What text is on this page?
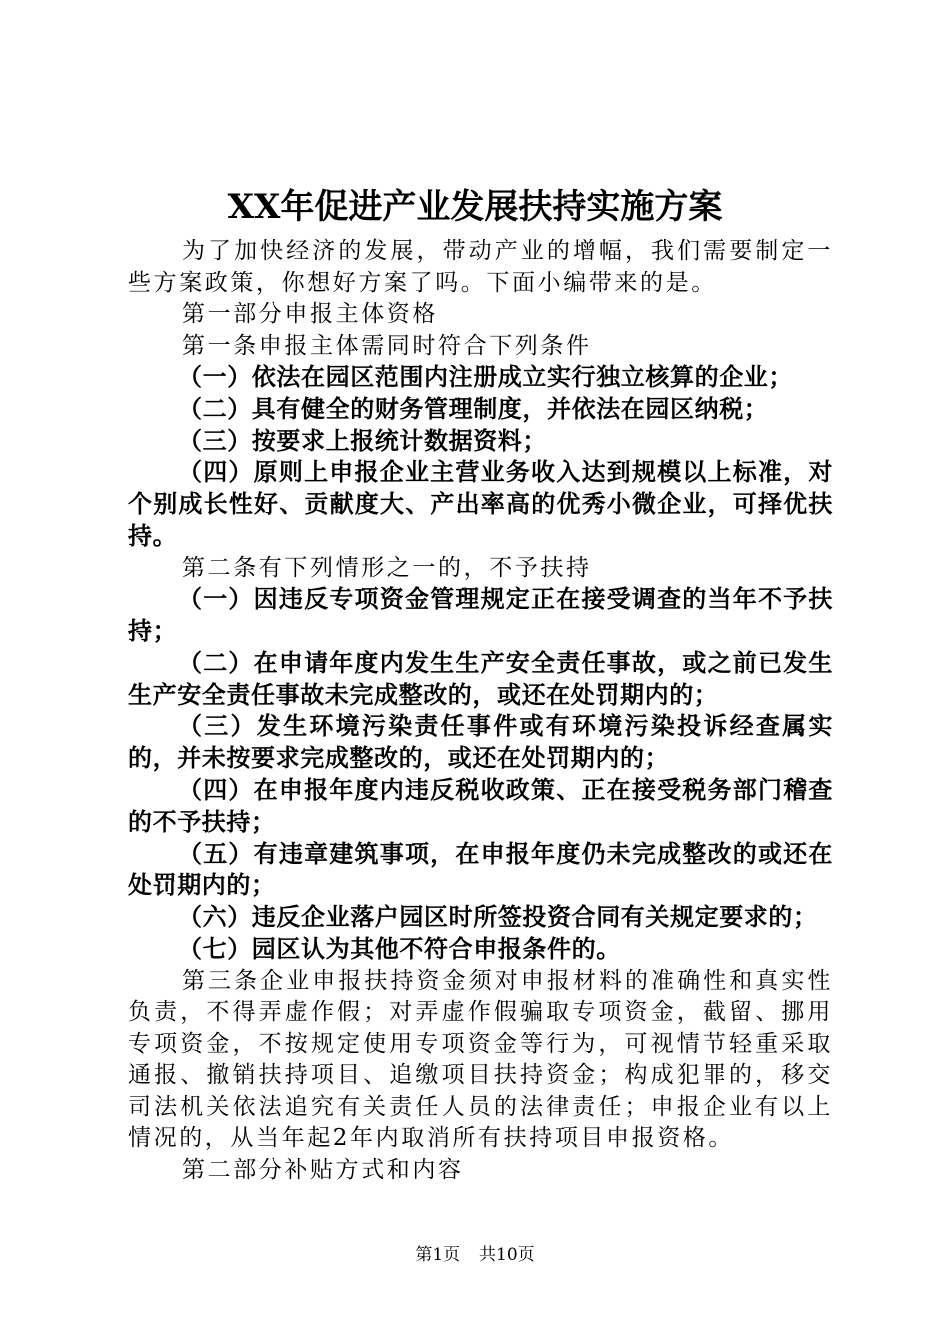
XX年促进产业发展扶持实施方案

为了加快经济的发展，带动产业的增幅，我们需要制定一些方案政策，你想好方案了吗。下面小编带来的是。

第一部分申报主体资格

第一条申报主体需同时符合下列条件

（一）依法在园区范围内注册成立实行独立核算的企业；

（二）具有健全的财务管理制度，并依法在园区纳税；

（三）按要求上报统计数据资料；

（四）原则上申报企业主营业务收入达到规模以上标准，对个别成长性好、贡献度大、产出率高的优秀小微企业，可择优扶持。

第二条有下列情形之一的，不予扶持

（一）因违反专项资金管理规定正在接受调查的当年不予扶持；

（二）在申请年度内发生生产安全责任事故，或之前已发生生产安全责任事故未完成整改的，或还在处罚期内的；

（三）发生环境污染责任事件或有环境污染投诉经查属实的，并未按要求完成整改的，或还在处罚期内的；

（四）在申报年度内违反税收政策、正在接受税务部门稽查的不予扶持；

（五）有违章建筑事项，在申报年度仍未完成整改的或还在处罚期内的；

（六）违反企业落户园区时所签投资合同有关规定要求的；

（七）园区认为其他不符合申报条件的。

第三条企业申报扶持资金须对申报材料的准确性和真实性负责，不得弄虚作假；对弄虚作假骗取专项资金，截留、挪用专项资金，不按规定使用专项资金等行为，可视情节轻重采取通报、撤销扶持项目、追缴项目扶持资金；构成犯罪的，移交司法机关依法追究有关责任人员的法律责任；申报企业有以上情况的，从当年起2年内取消所有扶持项目申报资格。

第二部分补贴方式和内容

第1页 共10页
